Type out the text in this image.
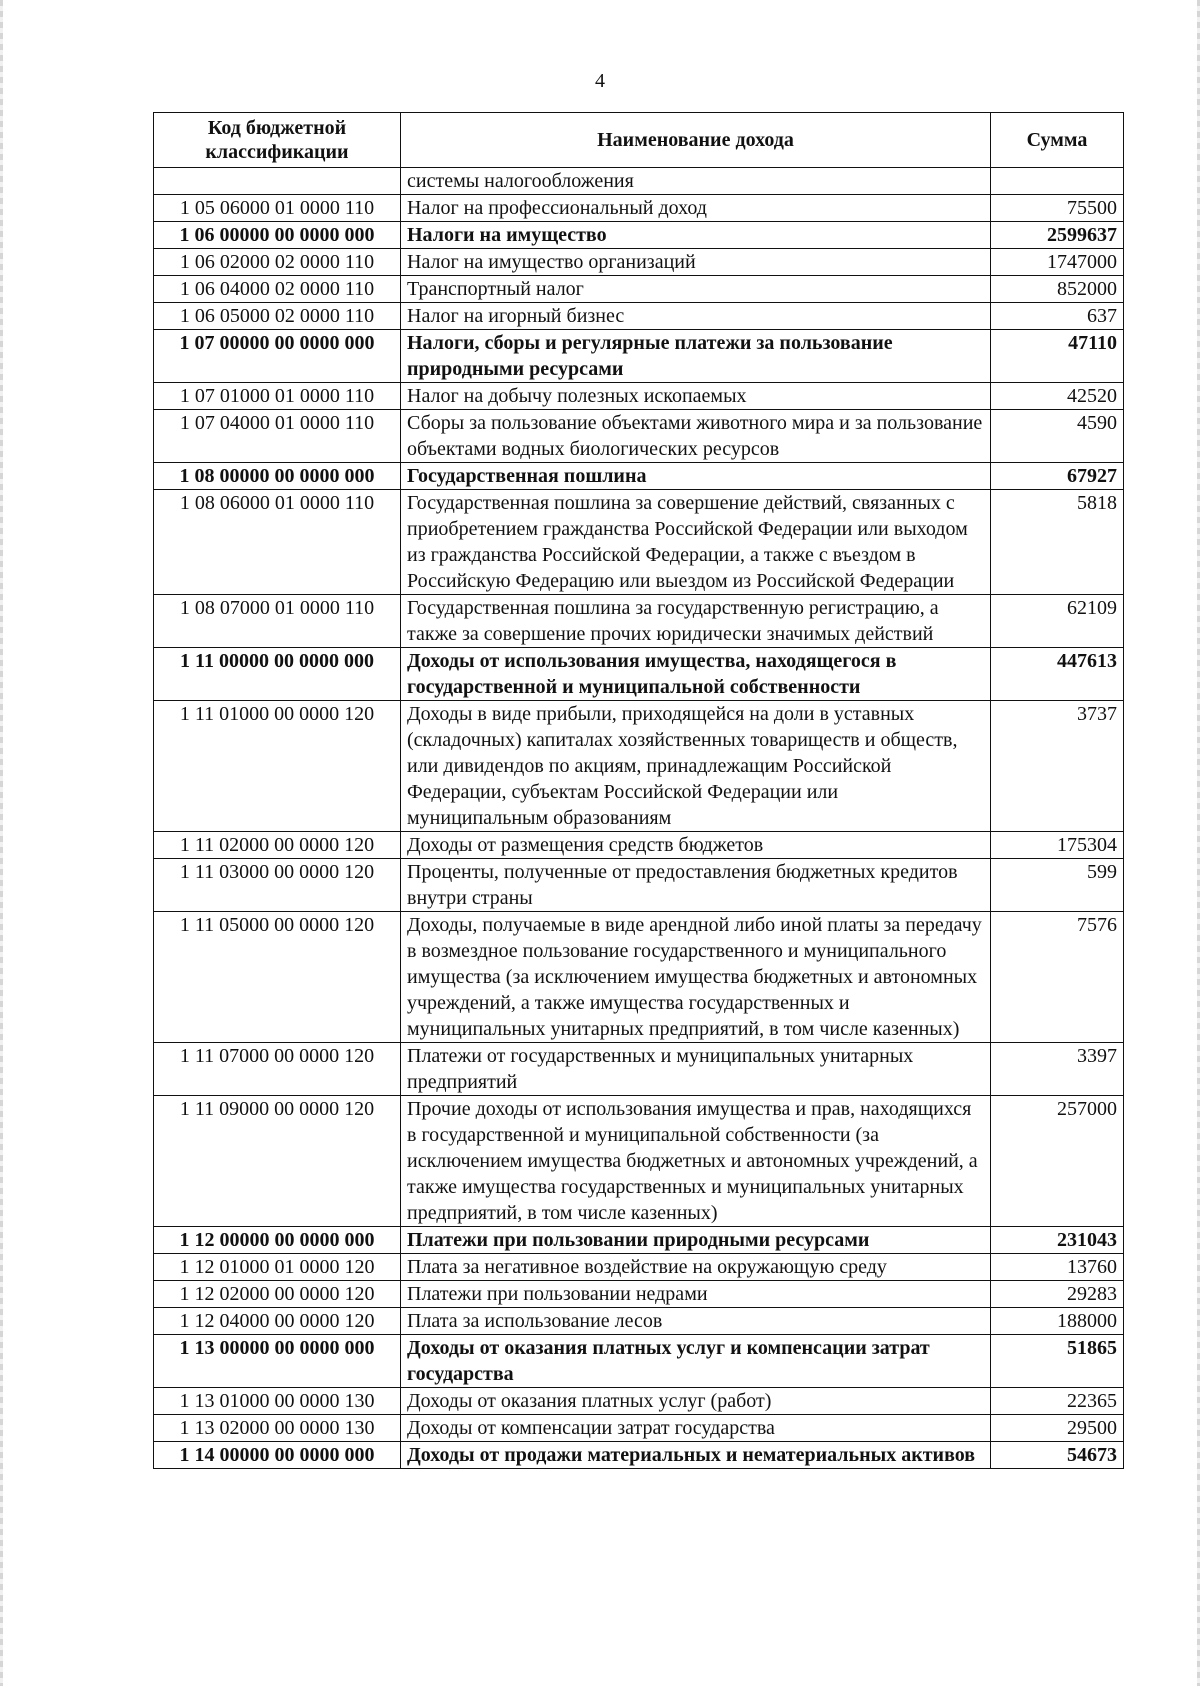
4
Код бюджетной классификации	Наименование дохода	Сумма
	системы налогообложения	
1 05 06000 01 0000 110	Налог на профессиональный доход	75500
1 06 00000 00 0000 000	Налоги на имущество	2599637
1 06 02000 02 0000 110	Налог на имущество организаций	1747000
1 06 04000 02 0000 110	Транспортный налог	852000
1 06 05000 02 0000 110	Налог на игорный бизнес	637
1 07 00000 00 0000 000	Налоги, сборы и регулярные платежи за пользование природными ресурсами	47110
1 07 01000 01 0000 110	Налог на добычу полезных ископаемых	42520
1 07 04000 01 0000 110	Сборы за пользование объектами животного мира и за пользование объектами водных биологических ресурсов	4590
1 08 00000 00 0000 000	Государственная пошлина	67927
1 08 06000 01 0000 110	Государственная пошлина за совершение действий, связанных с приобретением гражданства Российской Федерации или выходом из гражданства Российской Федерации, а также с въездом в Российскую Федерацию или выездом из Российской Федерации	5818
1 08 07000 01 0000 110	Государственная пошлина за государственную регистрацию, а также за совершение прочих юридически значимых действий	62109
1 11 00000 00 0000 000	Доходы от использования имущества, находящегося в государственной и муниципальной собственности	447613
1 11 01000 00 0000 120	Доходы в виде прибыли, приходящейся на доли в уставных (складочных) капиталах хозяйственных товариществ и обществ, или дивидендов по акциям, принадлежащим Российской Федерации, субъектам Российской Федерации или муниципальным образованиям	3737
1 11 02000 00 0000 120	Доходы от размещения средств бюджетов	175304
1 11 03000 00 0000 120	Проценты, полученные от предоставления бюджетных кредитов внутри страны	599
1 11 05000 00 0000 120	Доходы, получаемые в виде арендной либо иной платы за передачу в возмездное пользование государственного и муниципального имущества (за исключением имущества бюджетных и автономных учреждений, а также имущества государственных и муниципальных унитарных предприятий, в том числе казенных)	7576
1 11 07000 00 0000 120	Платежи от государственных и муниципальных унитарных предприятий	3397
1 11 09000 00 0000 120	Прочие доходы от использования имущества и прав, находящихся в государственной и муниципальной собственности (за исключением имущества бюджетных и автономных учреждений, а также имущества государственных и муниципальных унитарных предприятий, в том числе казенных)	257000
1 12 00000 00 0000 000	Платежи при пользовании природными ресурсами	231043
1 12 01000 01 0000 120	Плата за негативное воздействие на окружающую среду	13760
1 12 02000 00 0000 120	Платежи при пользовании недрами	29283
1 12 04000 00 0000 120	Плата за использование лесов	188000
1 13 00000 00 0000 000	Доходы от оказания платных услуг и компенсации затрат государства	51865
1 13 01000 00 0000 130	Доходы от оказания платных услуг (работ)	22365
1 13 02000 00 0000 130	Доходы от компенсации затрат государства	29500
1 14 00000 00 0000 000	Доходы от продажи материальных и нематериальных активов	54673
